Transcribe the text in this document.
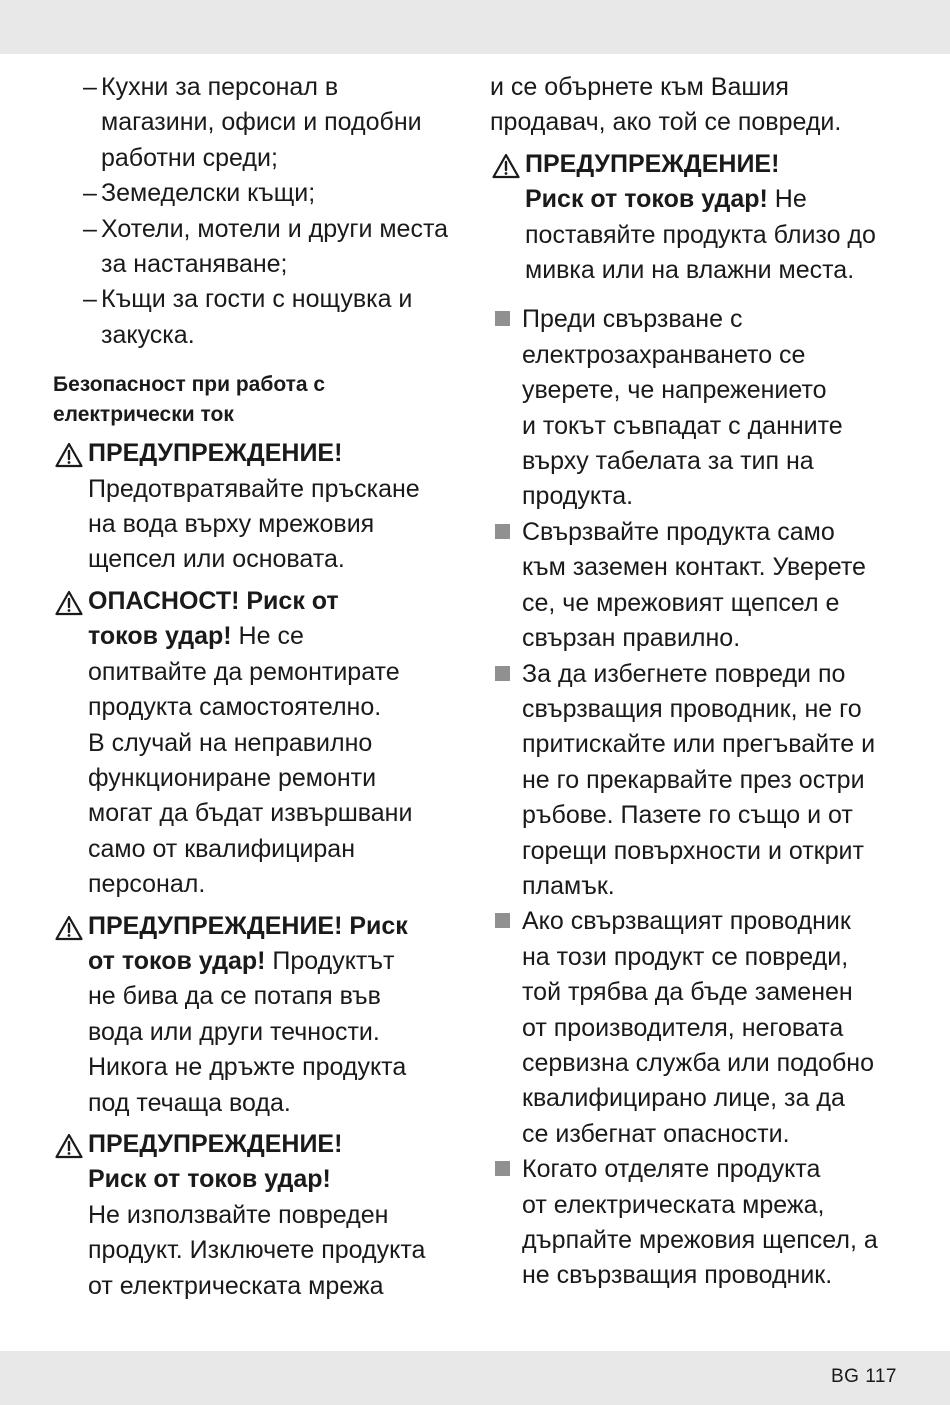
– Кухни за персонал в
магазини, офиси и подобни
работни среди;
– Земеделски къщи;
– Хотели, мотели и други места
за настаняване;
– Къщи за гости с нощувка и
закуска.
Безопасност при работа с
електрически ток
ПРЕДУПРЕЖДЕНИЕ!
Предотвратявайте пръскане
на вода върху мрежовия
щепсел или основата.
ОПАСНОСТ! Риск от
токов удар! Не се
опитвайте да ремонтирате
продукта самостоятелно.
В случай на неправилно
функциониране ремонти
могат да бъдат извършвани
само от квалифициран
персонал.
ПРЕДУПРЕЖДЕНИЕ! Риск
от токов удар! Продуктът
не бива да се потапя във
вода или други течности.
Никога не дръжте продукта
под течаща вода.
ПРЕДУПРЕЖДЕНИЕ!
Риск от токов удар!
Не използвайте повреден
продукт. Изключете продукта
от електрическата мрежа
и се обърнете към Вашия
продавач, ако той се повреди.
ПРЕДУПРЕЖДЕНИЕ!
Риск от токов удар! Не
поставяйте продукта близо до
мивка или на влажни места.
Преди свързване с
електрозахранването се
уверете, че напрежението
и токът съвпадат с данните
върху табелата за тип на
продукта.
Свързвайте продукта само
към заземен контакт. Уверете
се, че мрежовият щепсел е
свързан правилно.
За да избегнете повреди по
свързващия проводник, не го
притискайте или прегъвайте и
не го прекарвайте през остри
ръбове. Пазете го също и от
горещи повърхности и открит
пламък.
Ако свързващият проводник
на този продукт се повреди,
той трябва да бъде заменен
от производителя, неговата
сервизна служба или подобно
квалифицирано лице, за да
се избегнат опасности.
Когато отделяте продукта
от електрическата мрежа,
дърпайте мрежовия щепсел, а
не свързващия проводник.
BG 117
